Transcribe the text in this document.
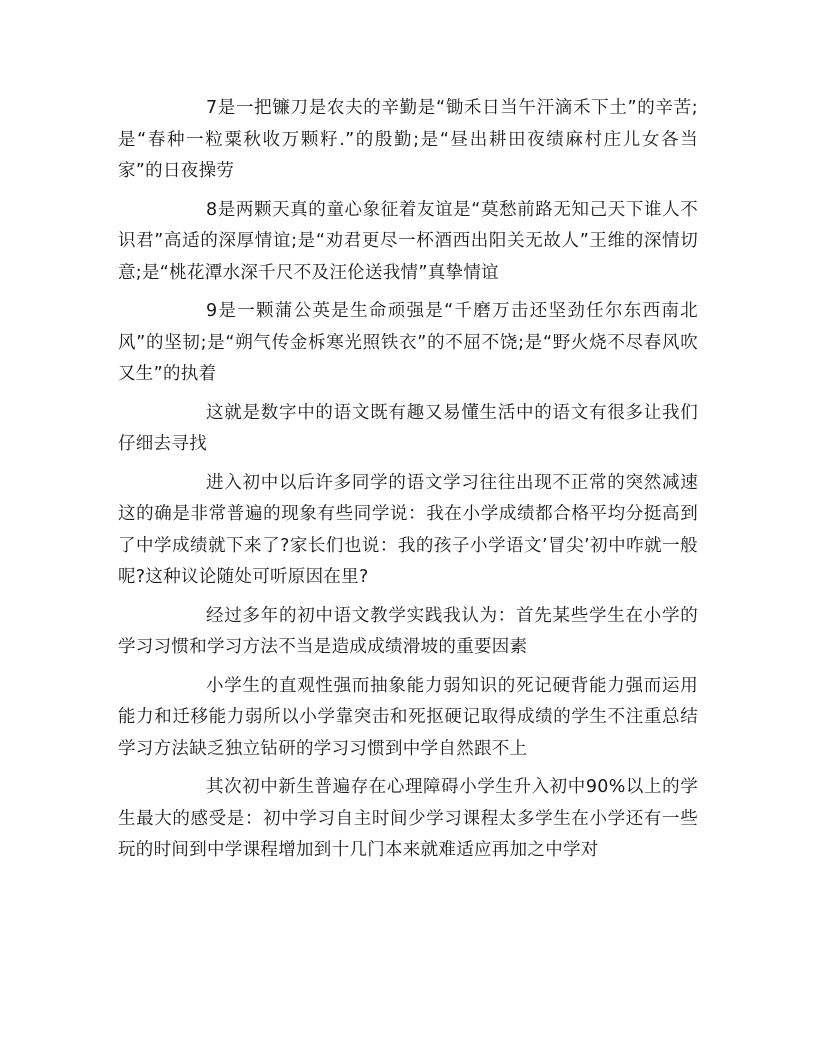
7是一把镰刀是农夫的辛勤是“锄禾日当午汗滴禾下土”的辛苦;是“春种一粒粟秋收万颗籽.”的殷勤;是“昼出耕田夜绩麻村庄儿女各当家”的日夜操劳

8是两颗天真的童心象征着友谊是“莫愁前路无知己天下谁人不识君”高适的深厚情谊;是“劝君更尽一杯酒西出阳关无故人”王维的深情切意;是“桃花潭水深千尺不及汪伦送我情”真挚情谊

9是一颗蒲公英是生命顽强是“千磨万击还坚劲任尔东西南北风”的坚韧;是“朔气传金柝寒光照铁衣”的不屈不饶;是“野火烧不尽春风吹又生”的执着

这就是数字中的语文既有趣又易懂生活中的语文有很多让我们仔细去寻找

进入初中以后许多同学的语文学习往往出现不正常的突然减速这的确是非常普遍的现象有些同学说：我在小学成绩都合格平均分挺高到了中学成绩就下来了?家长们也说：我的孩子小学语文’冒尖’初中咋就一般呢?这种议论随处可听原因在里?

经过多年的初中语文教学实践我认为：首先某些学生在小学的学习习惯和学习方法不当是造成成绩滑坡的重要因素

小学生的直观性强而抽象能力弱知识的死记硬背能力强而运用能力和迁移能力弱所以小学靠突击和死抠硬记取得成绩的学生不注重总结学习方法缺乏独立钻研的学习习惯到中学自然跟不上

其次初中新生普遍存在心理障碍小学生升入初中90%以上的学生最大的感受是：初中学习自主时间少学习课程太多学生在小学还有一些玩的时间到中学课程增加到十几门本来就难适应再加之中学对
